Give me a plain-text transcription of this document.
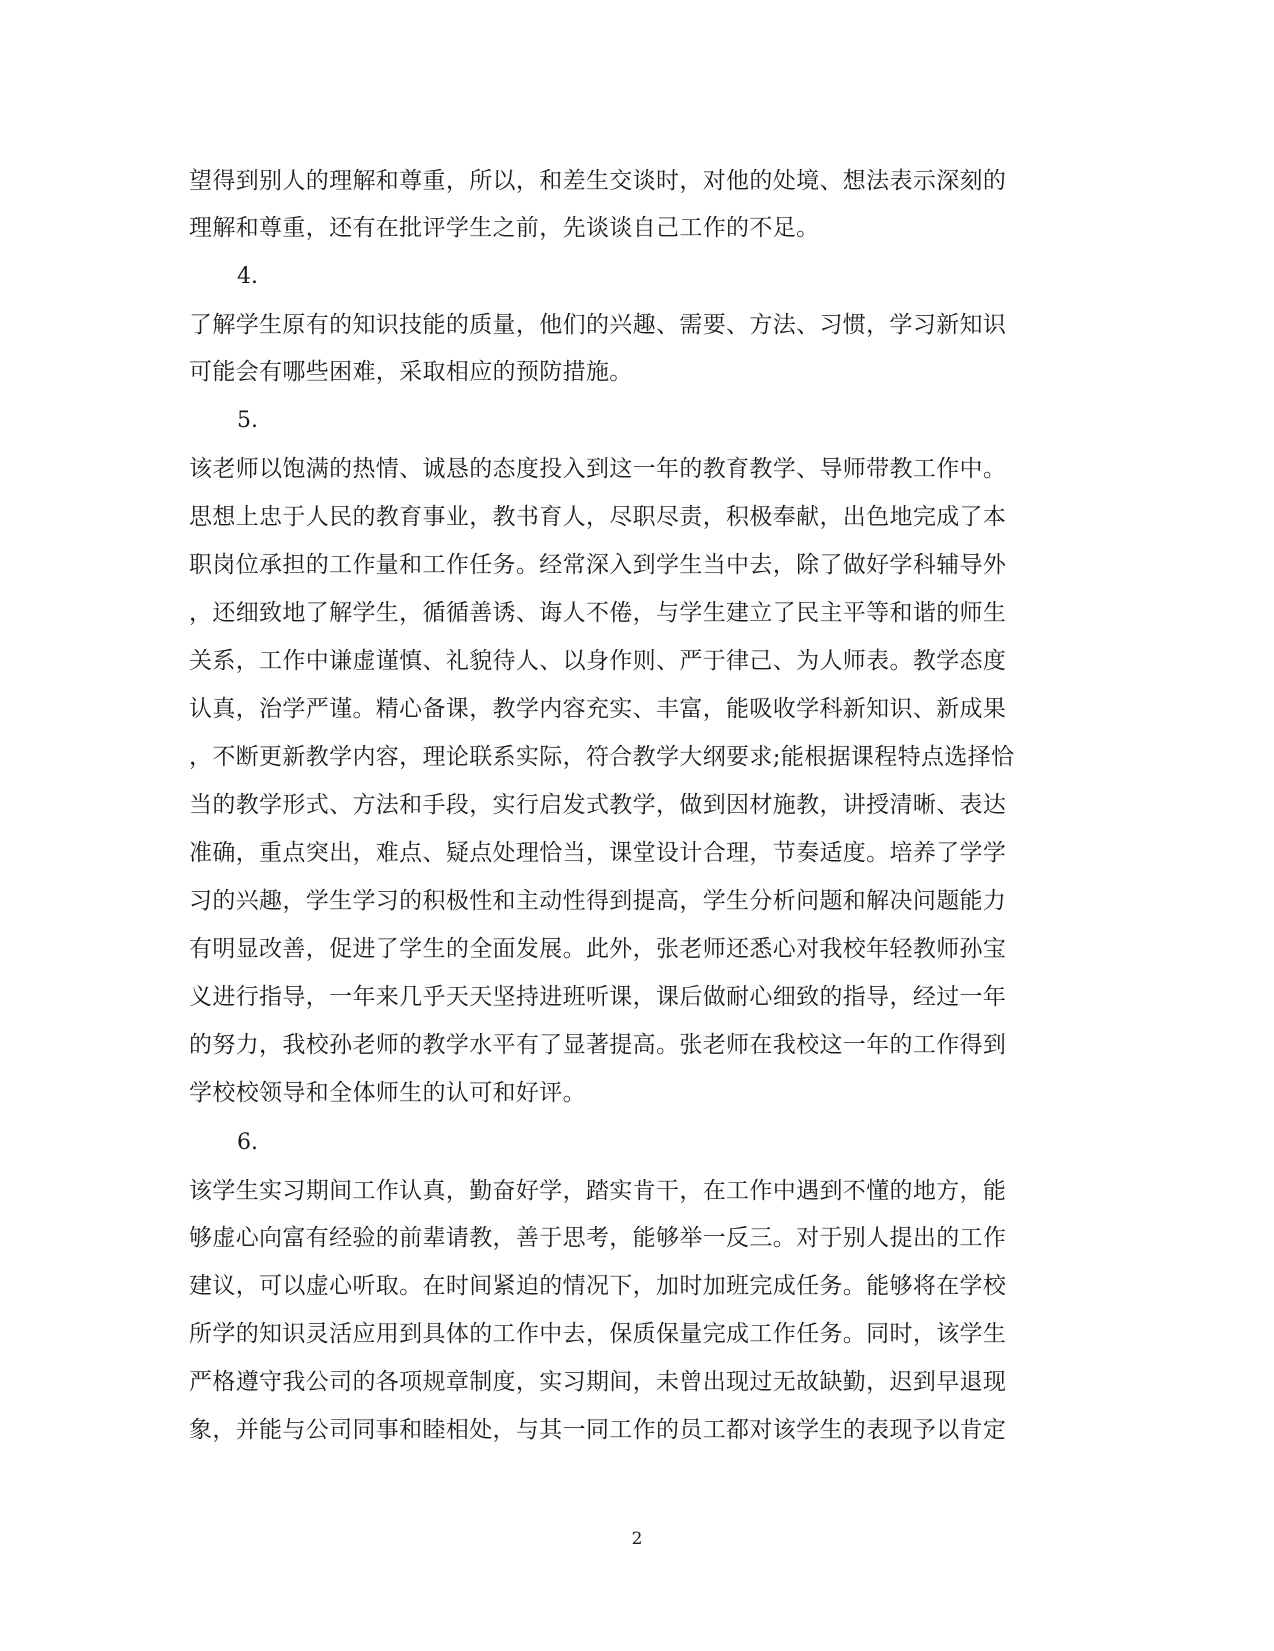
望得到别人的理解和尊重，所以，和差生交谈时，对他的处境、想法表示深刻的
理解和尊重，还有在批评学生之前，先谈谈自己工作的不足。
4.
了解学生原有的知识技能的质量，他们的兴趣、需要、方法、习惯，学习新知识
可能会有哪些困难，采取相应的预防措施。
5.
该老师以饱满的热情、诚恳的态度投入到这一年的教育教学、导师带教工作中。
思想上忠于人民的教育事业，教书育人，尽职尽责，积极奉献，出色地完成了本
职岗位承担的工作量和工作任务。经常深入到学生当中去，除了做好学科辅导外
，还细致地了解学生，循循善诱、诲人不倦，与学生建立了民主平等和谐的师生
关系，工作中谦虚谨慎、礼貌待人、以身作则、严于律己、为人师表。教学态度
认真，治学严谨。精心备课，教学内容充实、丰富，能吸收学科新知识、新成果
，不断更新教学内容，理论联系实际，符合教学大纲要求;能根据课程特点选择恰
当的教学形式、方法和手段，实行启发式教学，做到因材施教，讲授清晰、表达
准确，重点突出，难点、疑点处理恰当，课堂设计合理，节奏适度。培养了学学
习的兴趣，学生学习的积极性和主动性得到提高，学生分析问题和解决问题能力
有明显改善，促进了学生的全面发展。此外，张老师还悉心对我校年轻教师孙宝
义进行指导，一年来几乎天天坚持进班听课，课后做耐心细致的指导，经过一年
的努力，我校孙老师的教学水平有了显著提高。张老师在我校这一年的工作得到
学校校领导和全体师生的认可和好评。
6.
该学生实习期间工作认真，勤奋好学，踏实肯干，在工作中遇到不懂的地方，能
够虚心向富有经验的前辈请教，善于思考，能够举一反三。对于别人提出的工作
建议，可以虚心听取。在时间紧迫的情况下，加时加班完成任务。能够将在学校
所学的知识灵活应用到具体的工作中去，保质保量完成工作任务。同时，该学生
严格遵守我公司的各项规章制度，实习期间，未曾出现过无故缺勤，迟到早退现
象，并能与公司同事和睦相处，与其一同工作的员工都对该学生的表现予以肯定
2
